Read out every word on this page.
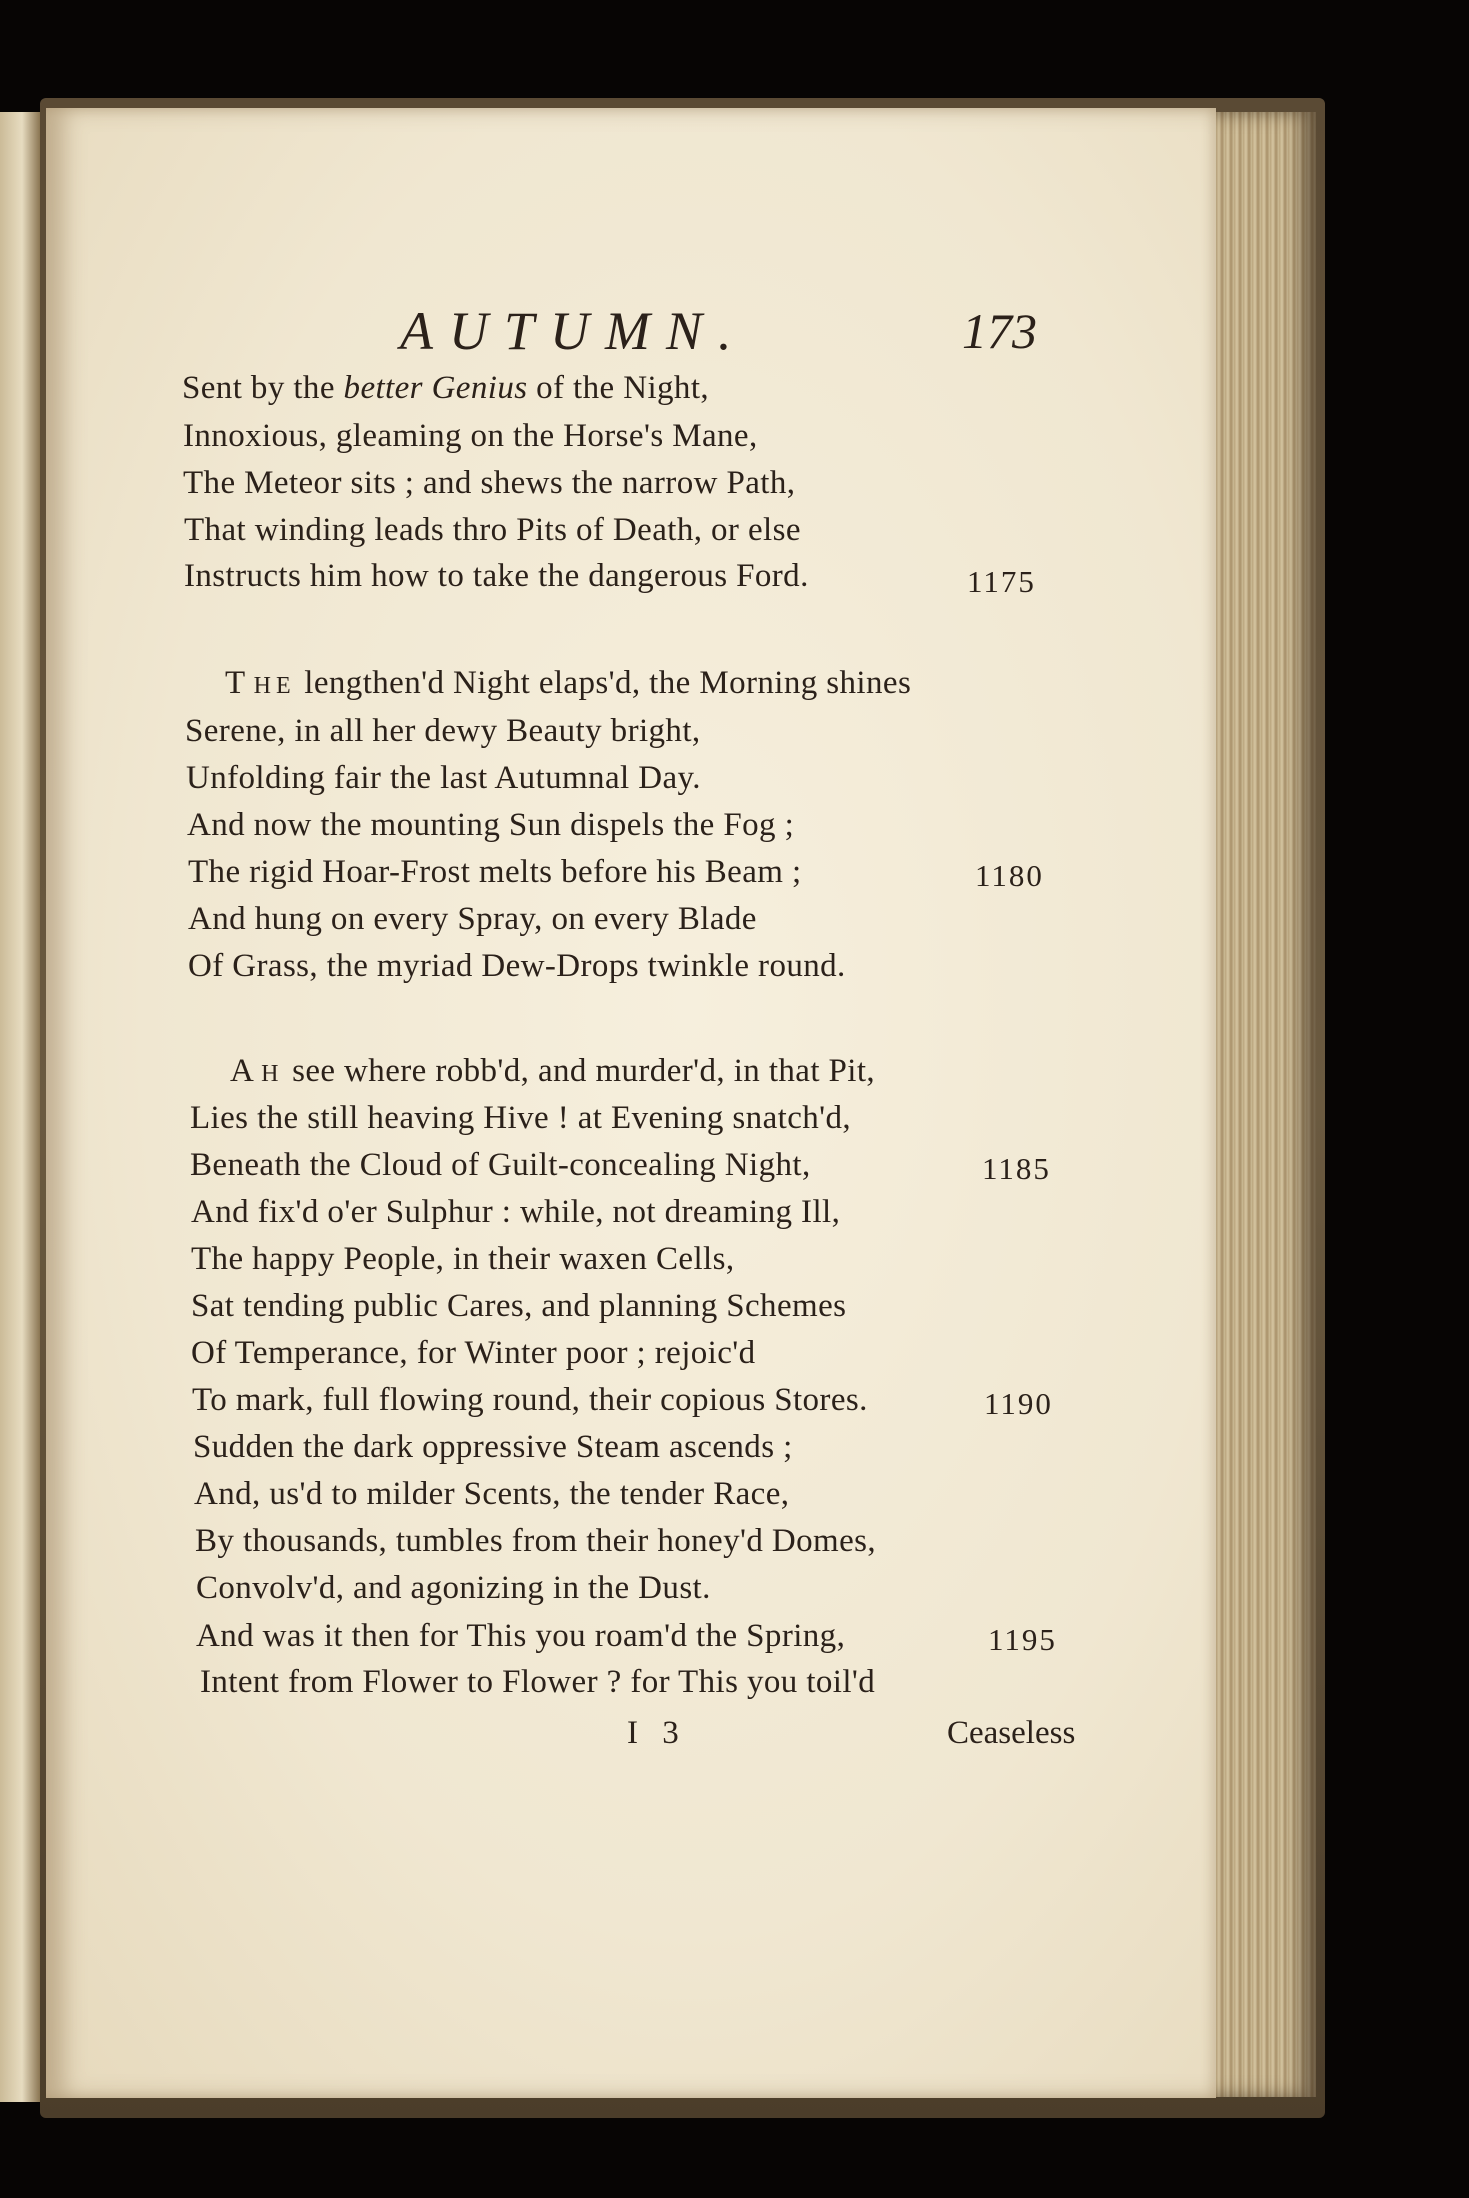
AUTUMN.	173
Sent by the better Genius of the Night,
Innoxious, gleaming on the Horse's Mane,
The Meteor sits ; and shews the narrow Path,
That winding leads thro Pits of Death, or else
Instructs him how to take the dangerous Ford.	1175
T HE lengthen'd Night elaps'd, the Morning shines
Serene, in all her dewy Beauty bright,
Unfolding fair the last Autumnal Day.
And now the mounting Sun dispels the Fog ;
The rigid Hoar-Frost melts before his Beam ;	1180
And hung on every Spray, on every Blade
Of Grass, the myriad Dew-Drops twinkle round.
A H see where robb'd, and murder'd, in that Pit,
Lies the still heaving Hive ! at Evening snatch'd,
Beneath the Cloud of Guilt-concealing Night,	1185
And fix'd o'er Sulphur : while, not dreaming Ill,
The happy People, in their waxen Cells,
Sat tending public Cares, and planning Schemes
Of Temperance, for Winter poor ; rejoic'd
To mark, full flowing round, their copious Stores.	1190
Sudden the dark oppressive Steam ascends ;
And, us'd to milder Scents, the tender Race,
By thousands, tumbles from their honey'd Domes,
Convolv'd, and agonizing in the Dust.
And was it then for This you roam'd the Spring,	1195
Intent from Flower to Flower ? for This you toil'd
I 3	Ceaseless
